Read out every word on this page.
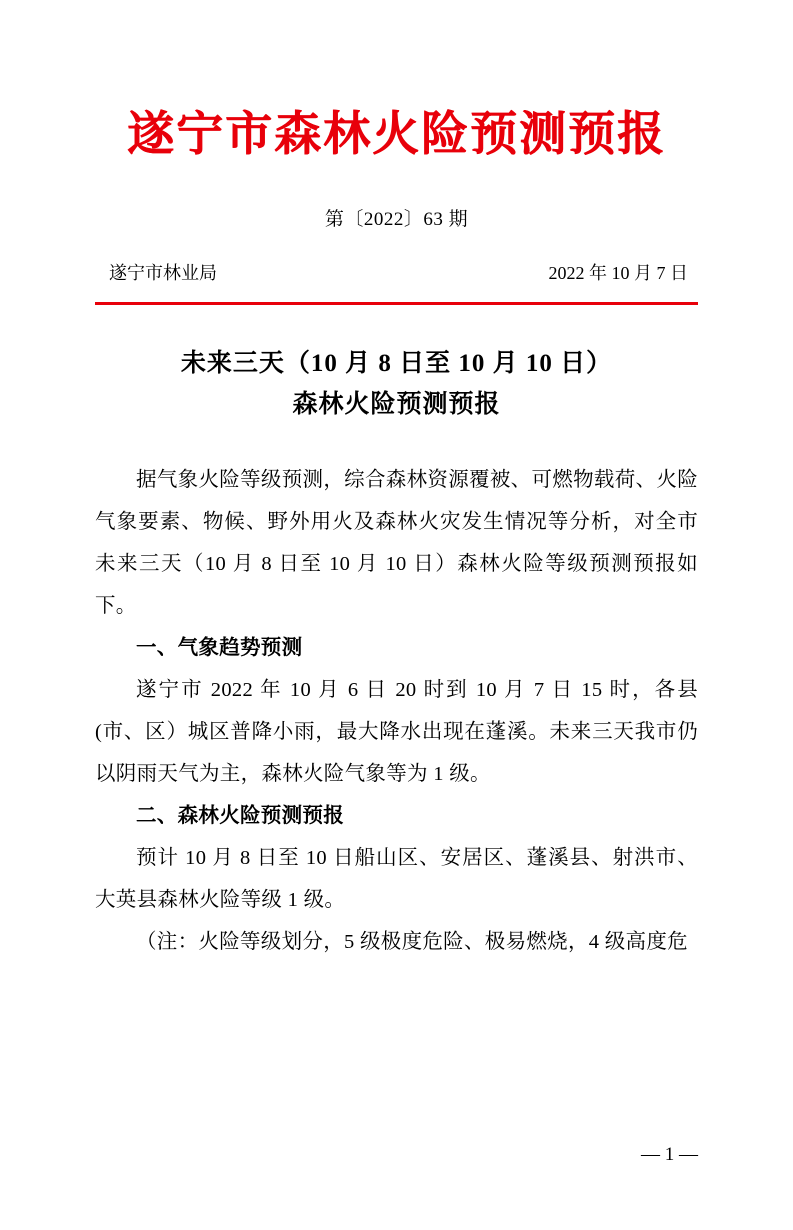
遂宁市森林火险预测预报
第〔2022〕63 期
遂宁市林业局	2022 年 10 月 7 日
未来三天（10 月 8 日至 10 月 10 日）
森林火险预测预报

据气象火险等级预测，综合森林资源覆被、可燃物载荷、火险气象要素、物候、野外用火及森林火灾发生情况等分析，对全市未来三天（10 月 8 日至 10 月 10 日）森林火险等级预测预报如下。

一、气象趋势预测

遂宁市 2022 年 10 月 6 日 20 时到 10 月 7 日 15 时，各县(市、区）城区普降小雨，最大降水出现在蓬溪。未来三天我市仍以阴雨天气为主，森林火险气象等为 1 级。

二、森林火险预测预报

预计 10 月 8 日至 10 日船山区、安居区、蓬溪县、射洪市、大英县森林火险等级 1 级。

（注：火险等级划分，5 级极度危险、极易燃烧，4 级高度危

— 1 —
